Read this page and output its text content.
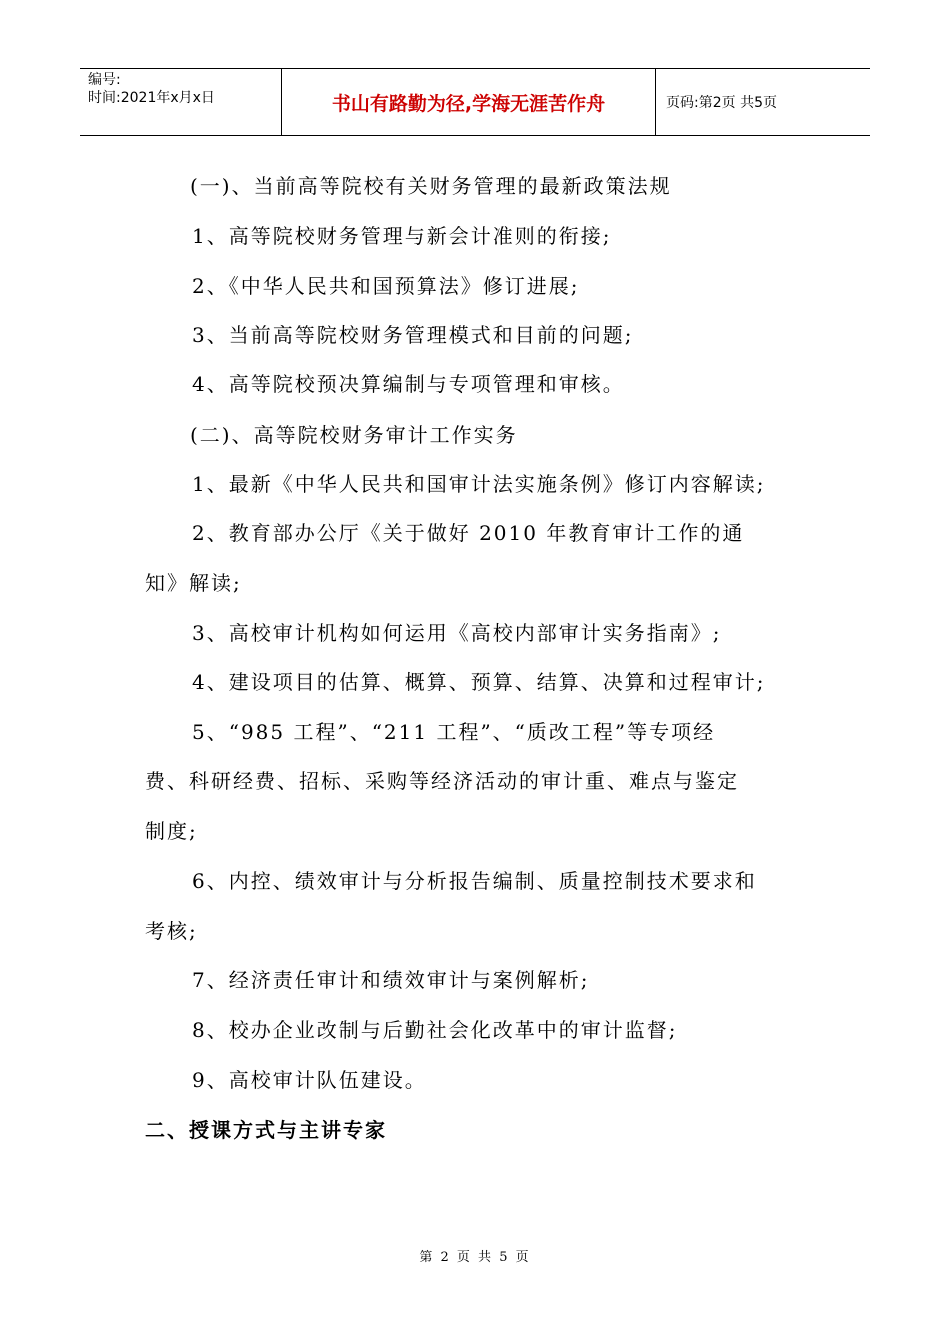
编号:
时间:2021年x月x日	书山有路勤为径,学海无涯苦作舟	页码:第2页 共5页
(一)、当前高等院校有关财务管理的最新政策法规
1、高等院校财务管理与新会计准则的衔接;
2、《中华人民共和国预算法》修订进展;
3、当前高等院校财务管理模式和目前的问题;
4、高等院校预决算编制与专项管理和审核。
(二)、高等院校财务审计工作实务
1、最新《中华人民共和国审计法实施条例》修订内容解读;
2、教育部办公厅《关于做好 2010 年教育审计工作的通
知》解读;
3、高校审计机构如何运用《高校内部审计实务指南》;
4、建设项目的估算、概算、预算、结算、决算和过程审计;
5、“985 工程”、“211 工程”、“质改工程”等专项经
费、科研经费、招标、采购等经济活动的审计重、难点与鉴定
制度;
6、内控、绩效审计与分析报告编制、质量控制技术要求和
考核;
7、经济责任审计和绩效审计与案例解析;
8、校办企业改制与后勤社会化改革中的审计监督;
9、高校审计队伍建设。
二、授课方式与主讲专家
第 2 页 共 5 页
